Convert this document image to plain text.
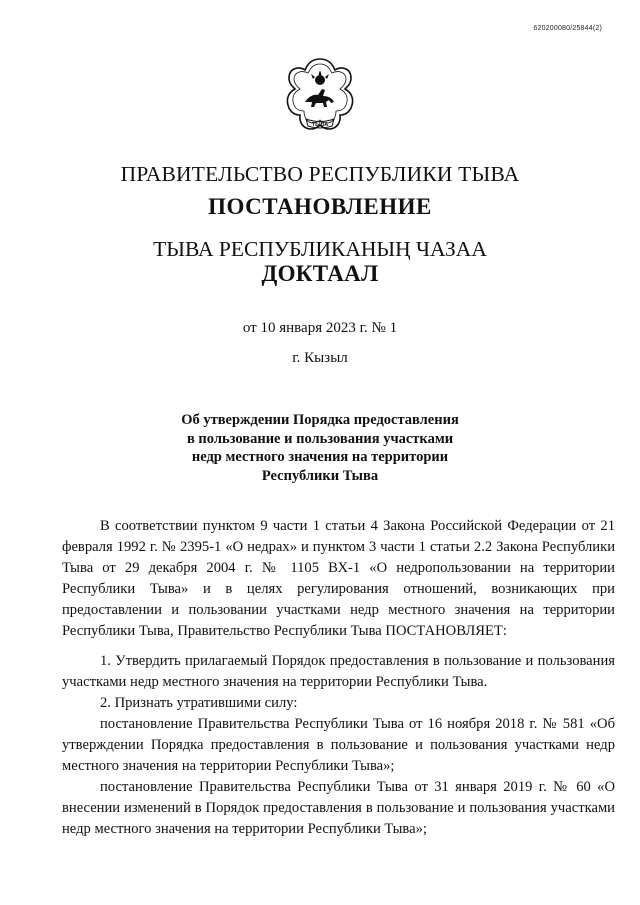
620200080/25844(2)
ТЫВА
ПРАВИТЕЛЬСТВО РЕСПУБЛИКИ ТЫВА
ПОСТАНОВЛЕНИЕ
ТЫВА РЕСПУБЛИКАНЫҢ ЧАЗАА
ДОКТААЛ
от 10 января 2023 г. № 1
г. Кызыл
Об утверждении Порядка предоставления
в пользование и пользования участками
недр местного значения на территории
Республики Тыва

В соответствии пунктом 9 части 1 статьи 4 Закона Российской Федерации от 21 февраля 1992 г. № 2395-1 «О недрах» и пунктом 3 части 1 статьи 2.2 Закона Республики Тыва от 29 декабря 2004 г. № 1105 ВХ-1 «О недропользовании на территории Республики Тыва» и в целях регулирования отношений, возникающих при предоставлении и пользовании участками недр местного значения на территории Республики Тыва, Правительство Республики Тыва ПОСТАНОВЛЯЕТ:

1. Утвердить прилагаемый Порядок предоставления в пользование и пользования участками недр местного значения на территории Республики Тыва.

2. Признать утратившими силу:

постановление Правительства Республики Тыва от 16 ноября 2018 г. № 581 «Об утверждении Порядка предоставления в пользование и пользования участками недр местного значения на территории Республики Тыва»;

постановление Правительства Республики Тыва от 31 января 2019 г. № 60 «О внесении изменений в Порядок предоставления в пользование и пользования участками недр местного значения на территории Республики Тыва»;
